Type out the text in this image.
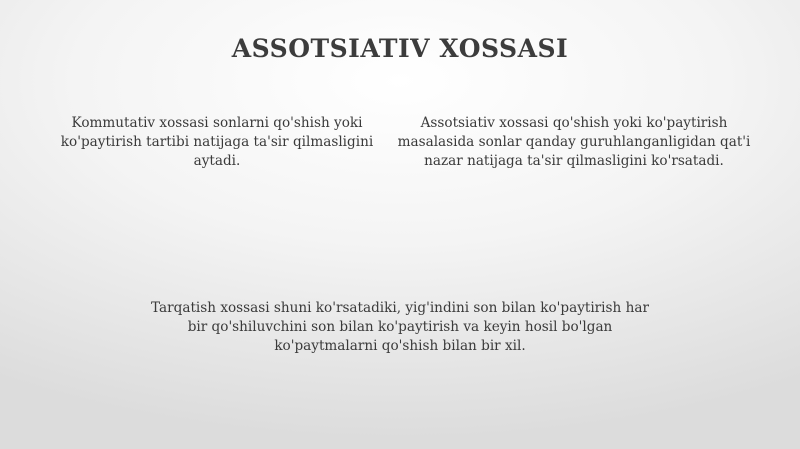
ASSOTSIATIV XOSSASI

Kommutativ xossasi sonlarni qo'shish yoki ko'paytirish tartibi natijaga ta'sir qilmasligini aytadi.

Assotsiativ xossasi qo'shish yoki ko'paytirish masalasida sonlar qanday guruhlanganligidan qat'i nazar natijaga ta'sir qilmasligini ko'rsatadi.

Tarqatish xossasi shuni ko'rsatadiki, yig'indini son bilan ko'paytirish har bir qo'shiluvchini son bilan ko'paytirish va keyin hosil bo'lgan ko'paytmalarni qo'shish bilan bir xil.
